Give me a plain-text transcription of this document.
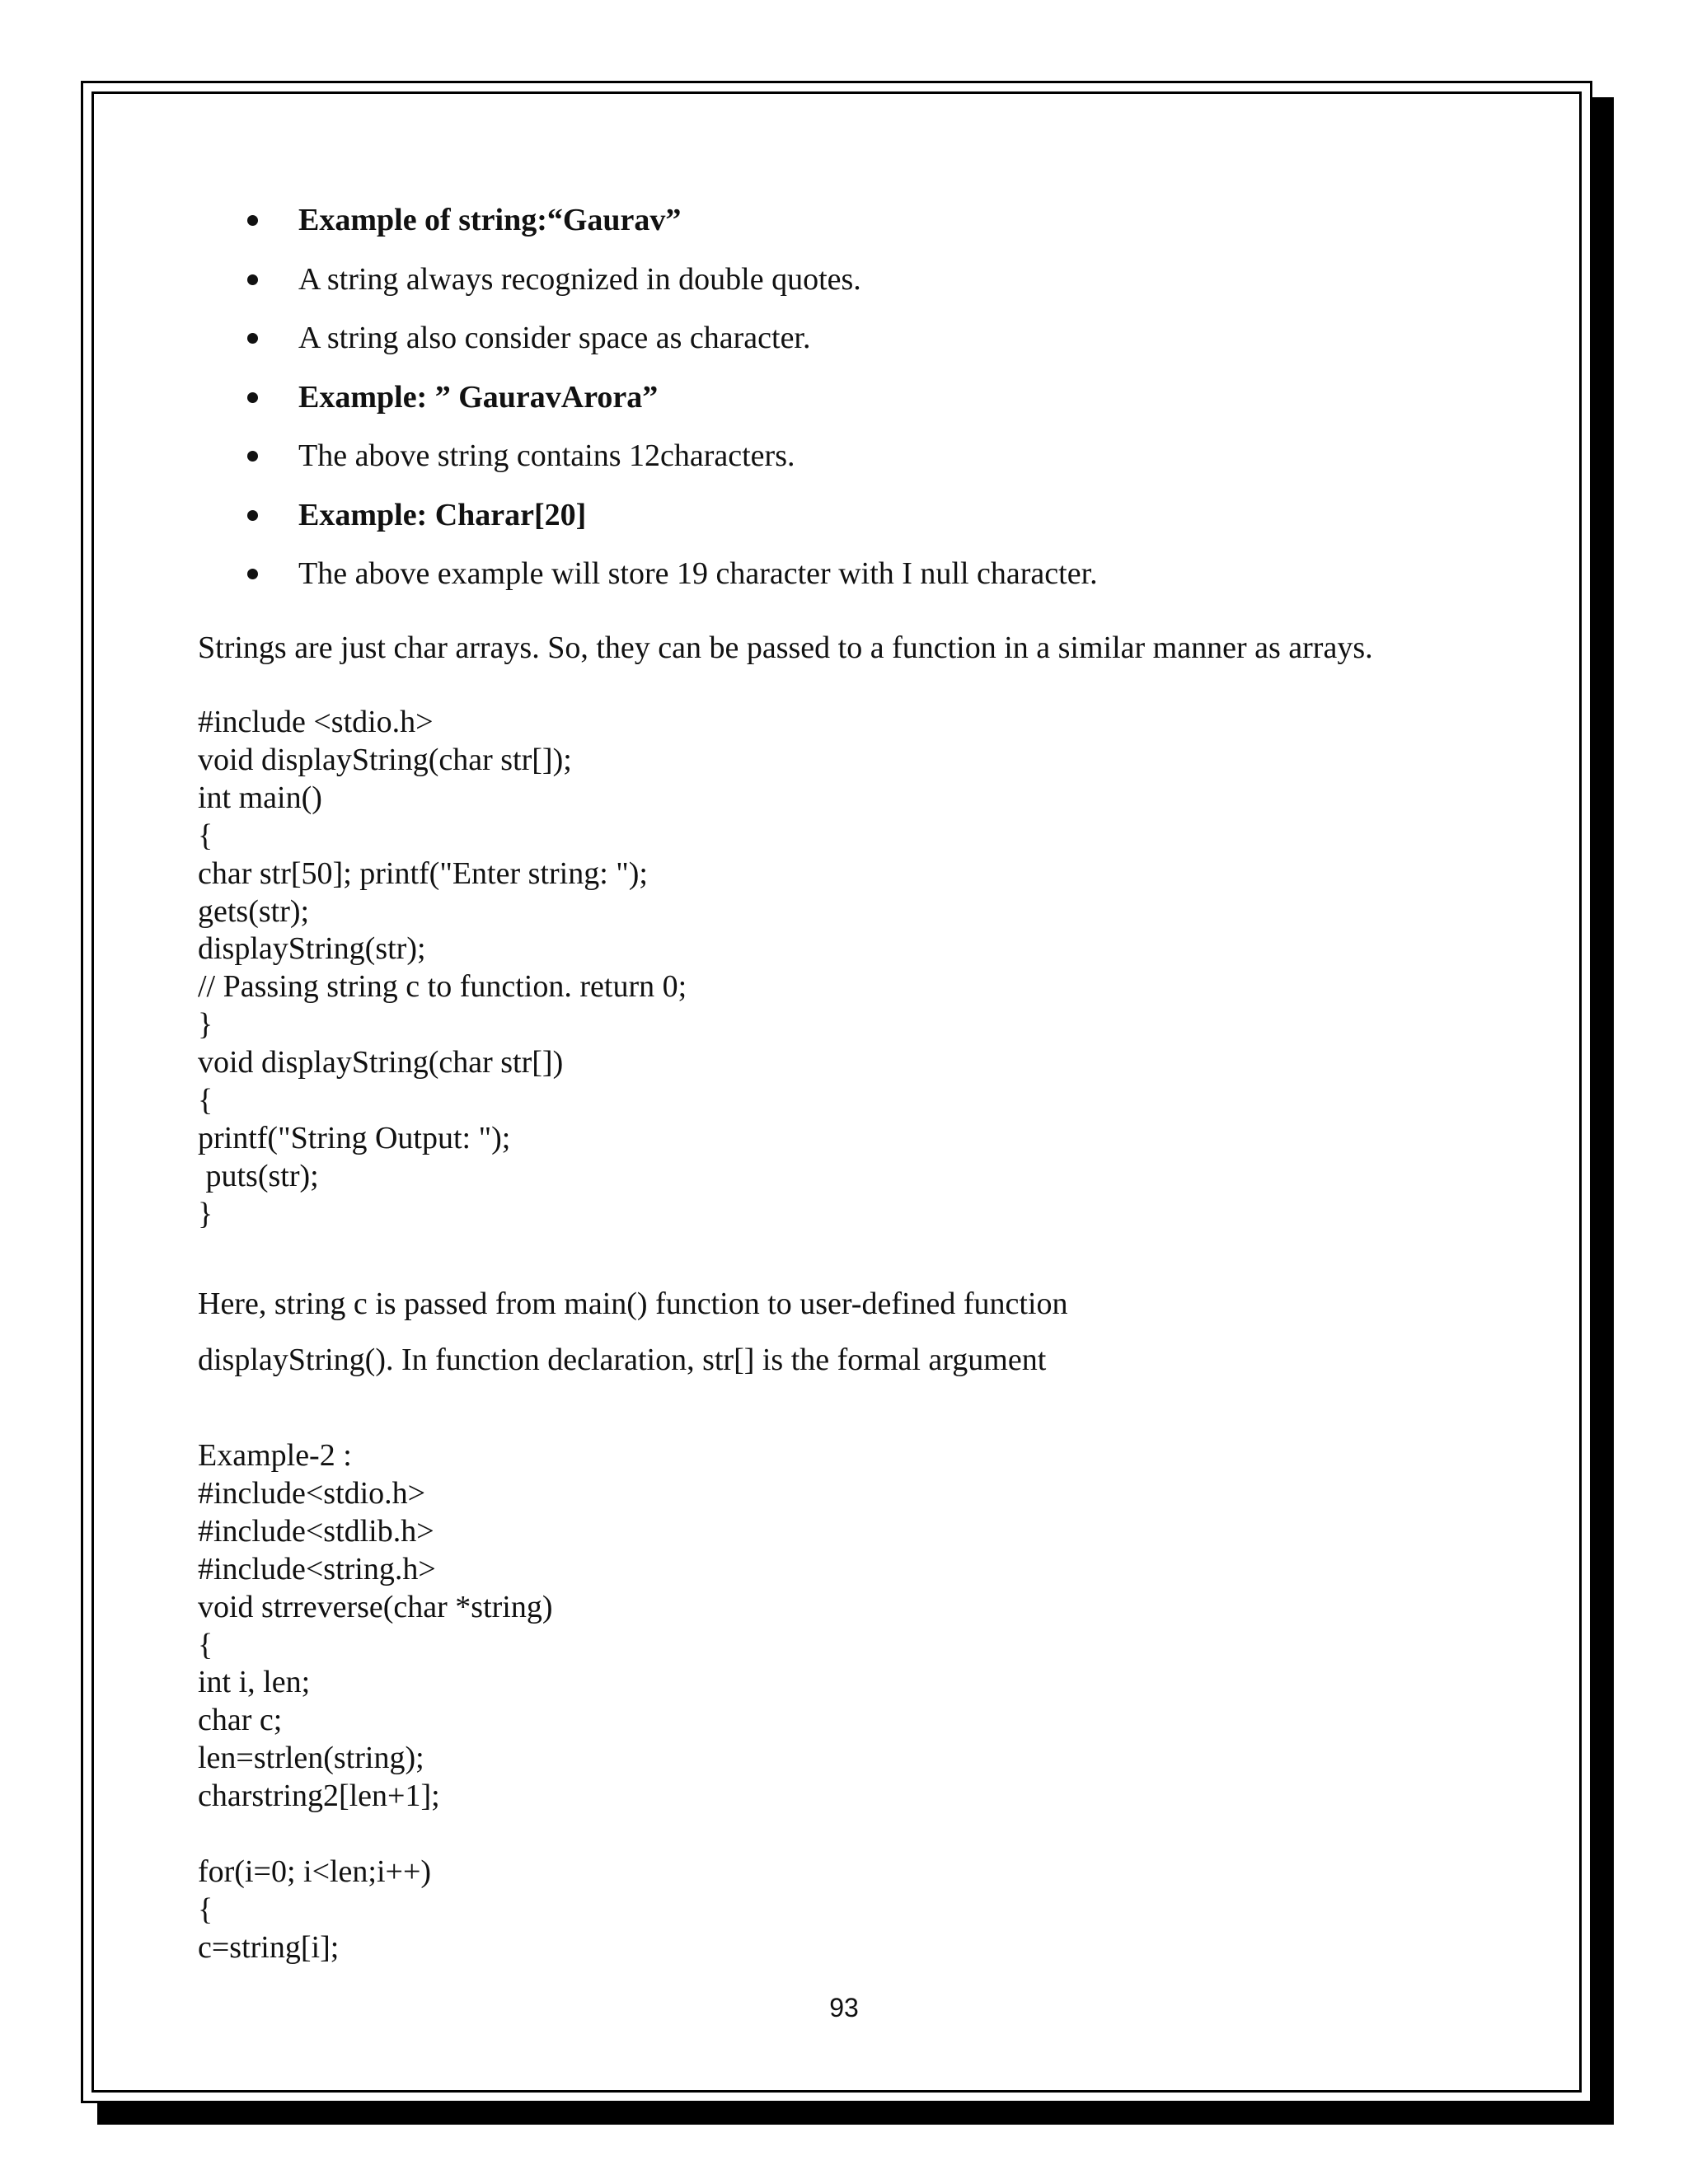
Example of string:“Gaurav”
A string always recognized in double quotes.
A string also consider space as character.
Example: ” GauravArora”
The above string contains 12characters.
Example: Charar[20]
The above example will store 19 character with I null character.

Strings are just char arrays. So, they can be passed to a function in a similar manner as arrays.

#include <stdio.h>
void displayString(char str[]);
int main()
{
char str[50]; printf("Enter string: ");
gets(str);
displayString(str);
// Passing string c to function. return 0;
}
void displayString(char str[])
{
printf("String Output: ");
puts(str);
}

Here, string c is passed from main() function to user-defined function

displayString(). In function declaration, str[] is the formal argument

Example-2 :
#include<stdio.h>
#include<stdlib.h>
#include<string.h>
void strreverse(char *string)
{
int i, len;
char c;
len=strlen(string);
charstring2[len+1];
for(i=0; i<len;i++)
{
c=string[i];
93
